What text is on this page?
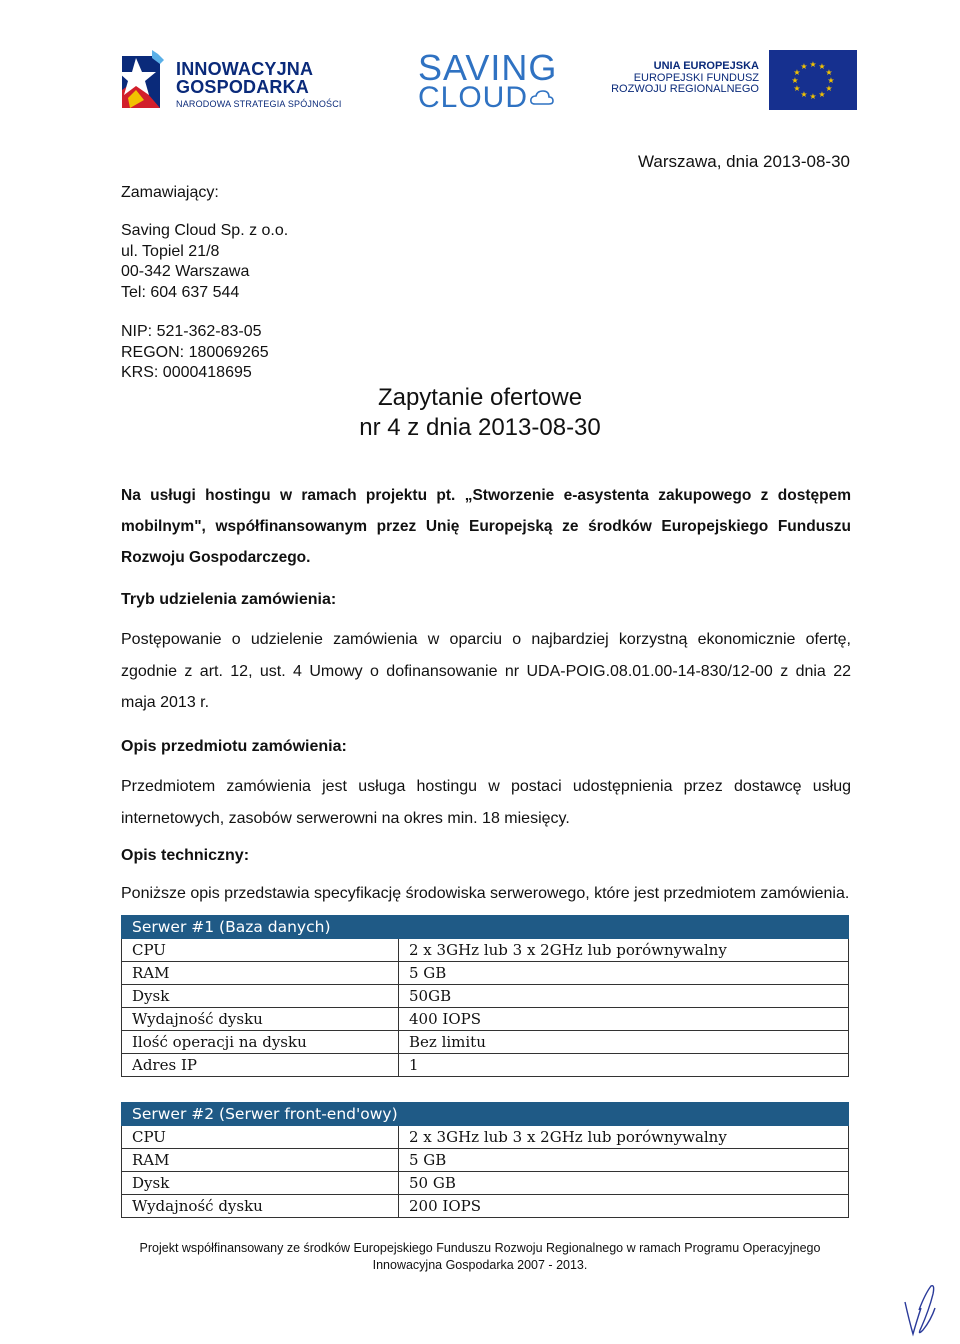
INNOWACYJNA
GOSPODARKA
NARODOWA STRATEGIA SPÓJNOŚCI
SAVING
CLOUD
UNIA EUROPEJSKA
EUROPEJSKI FUNDUSZ
ROZWOJU REGIONALNEGO
★ ★
★
★
★
★
★
★
★
★
★
★
Warszawa, dnia 2013-08-30
Zamawiający:
Saving Cloud Sp. z o.o.
ul. Topiel 21/8
00-342 Warszawa
Tel: 604 637 544
NIP: 521-362-83-05
REGON: 180069265
KRS: 0000418695
Zapytanie ofertowe
nr 4 z dnia 2013-08-30
Na usługi hostingu w ramach projektu pt. „Stworzenie e-asystenta zakupowego z dostępem mobilnym", współfinansowanym przez Unię Europejską ze środków Europejskiego Funduszu Rozwoju Gospodarczego.
Tryb udzielenia zamówienia:
Postępowanie o udzielenie zamówienia w oparciu o najbardziej korzystną ekonomicznie ofertę, zgodnie z art. 12, ust. 4 Umowy o dofinansowanie nr UDA-POIG.08.01.00-14-830/12-00 z dnia 22 maja 2013 r.
Opis przedmiotu zamówienia:
Przedmiotem zamówienia jest usługa hostingu w postaci udostępnienia przez dostawcę usług internetowych, zasobów serwerowni na okres min. 18 miesięcy.
Opis techniczny:
Poniższe opis przedstawia specyfikację środowiska serwerowego, które jest przedmiotem zamówienia.
Serwer #1 (Baza danych)	
CPU	2 x 3GHz lub 3 x 2GHz lub porównywalny
RAM	5 GB
Dysk	50GB
Wydajność dysku	400 IOPS
Ilość operacji na dysku	Bez limitu
Adres IP	1
Serwer #2 (Serwer front-end'owy)	
CPU	2 x 3GHz lub 3 x 2GHz lub porównywalny
RAM	5 GB
Dysk	50 GB
Wydajność dysku	200 IOPS
Projekt współfinansowany ze środków Europejskiego Funduszu Rozwoju Regionalnego w ramach Programu Operacyjnego
Innowacyjna Gospodarka 2007 - 2013.
